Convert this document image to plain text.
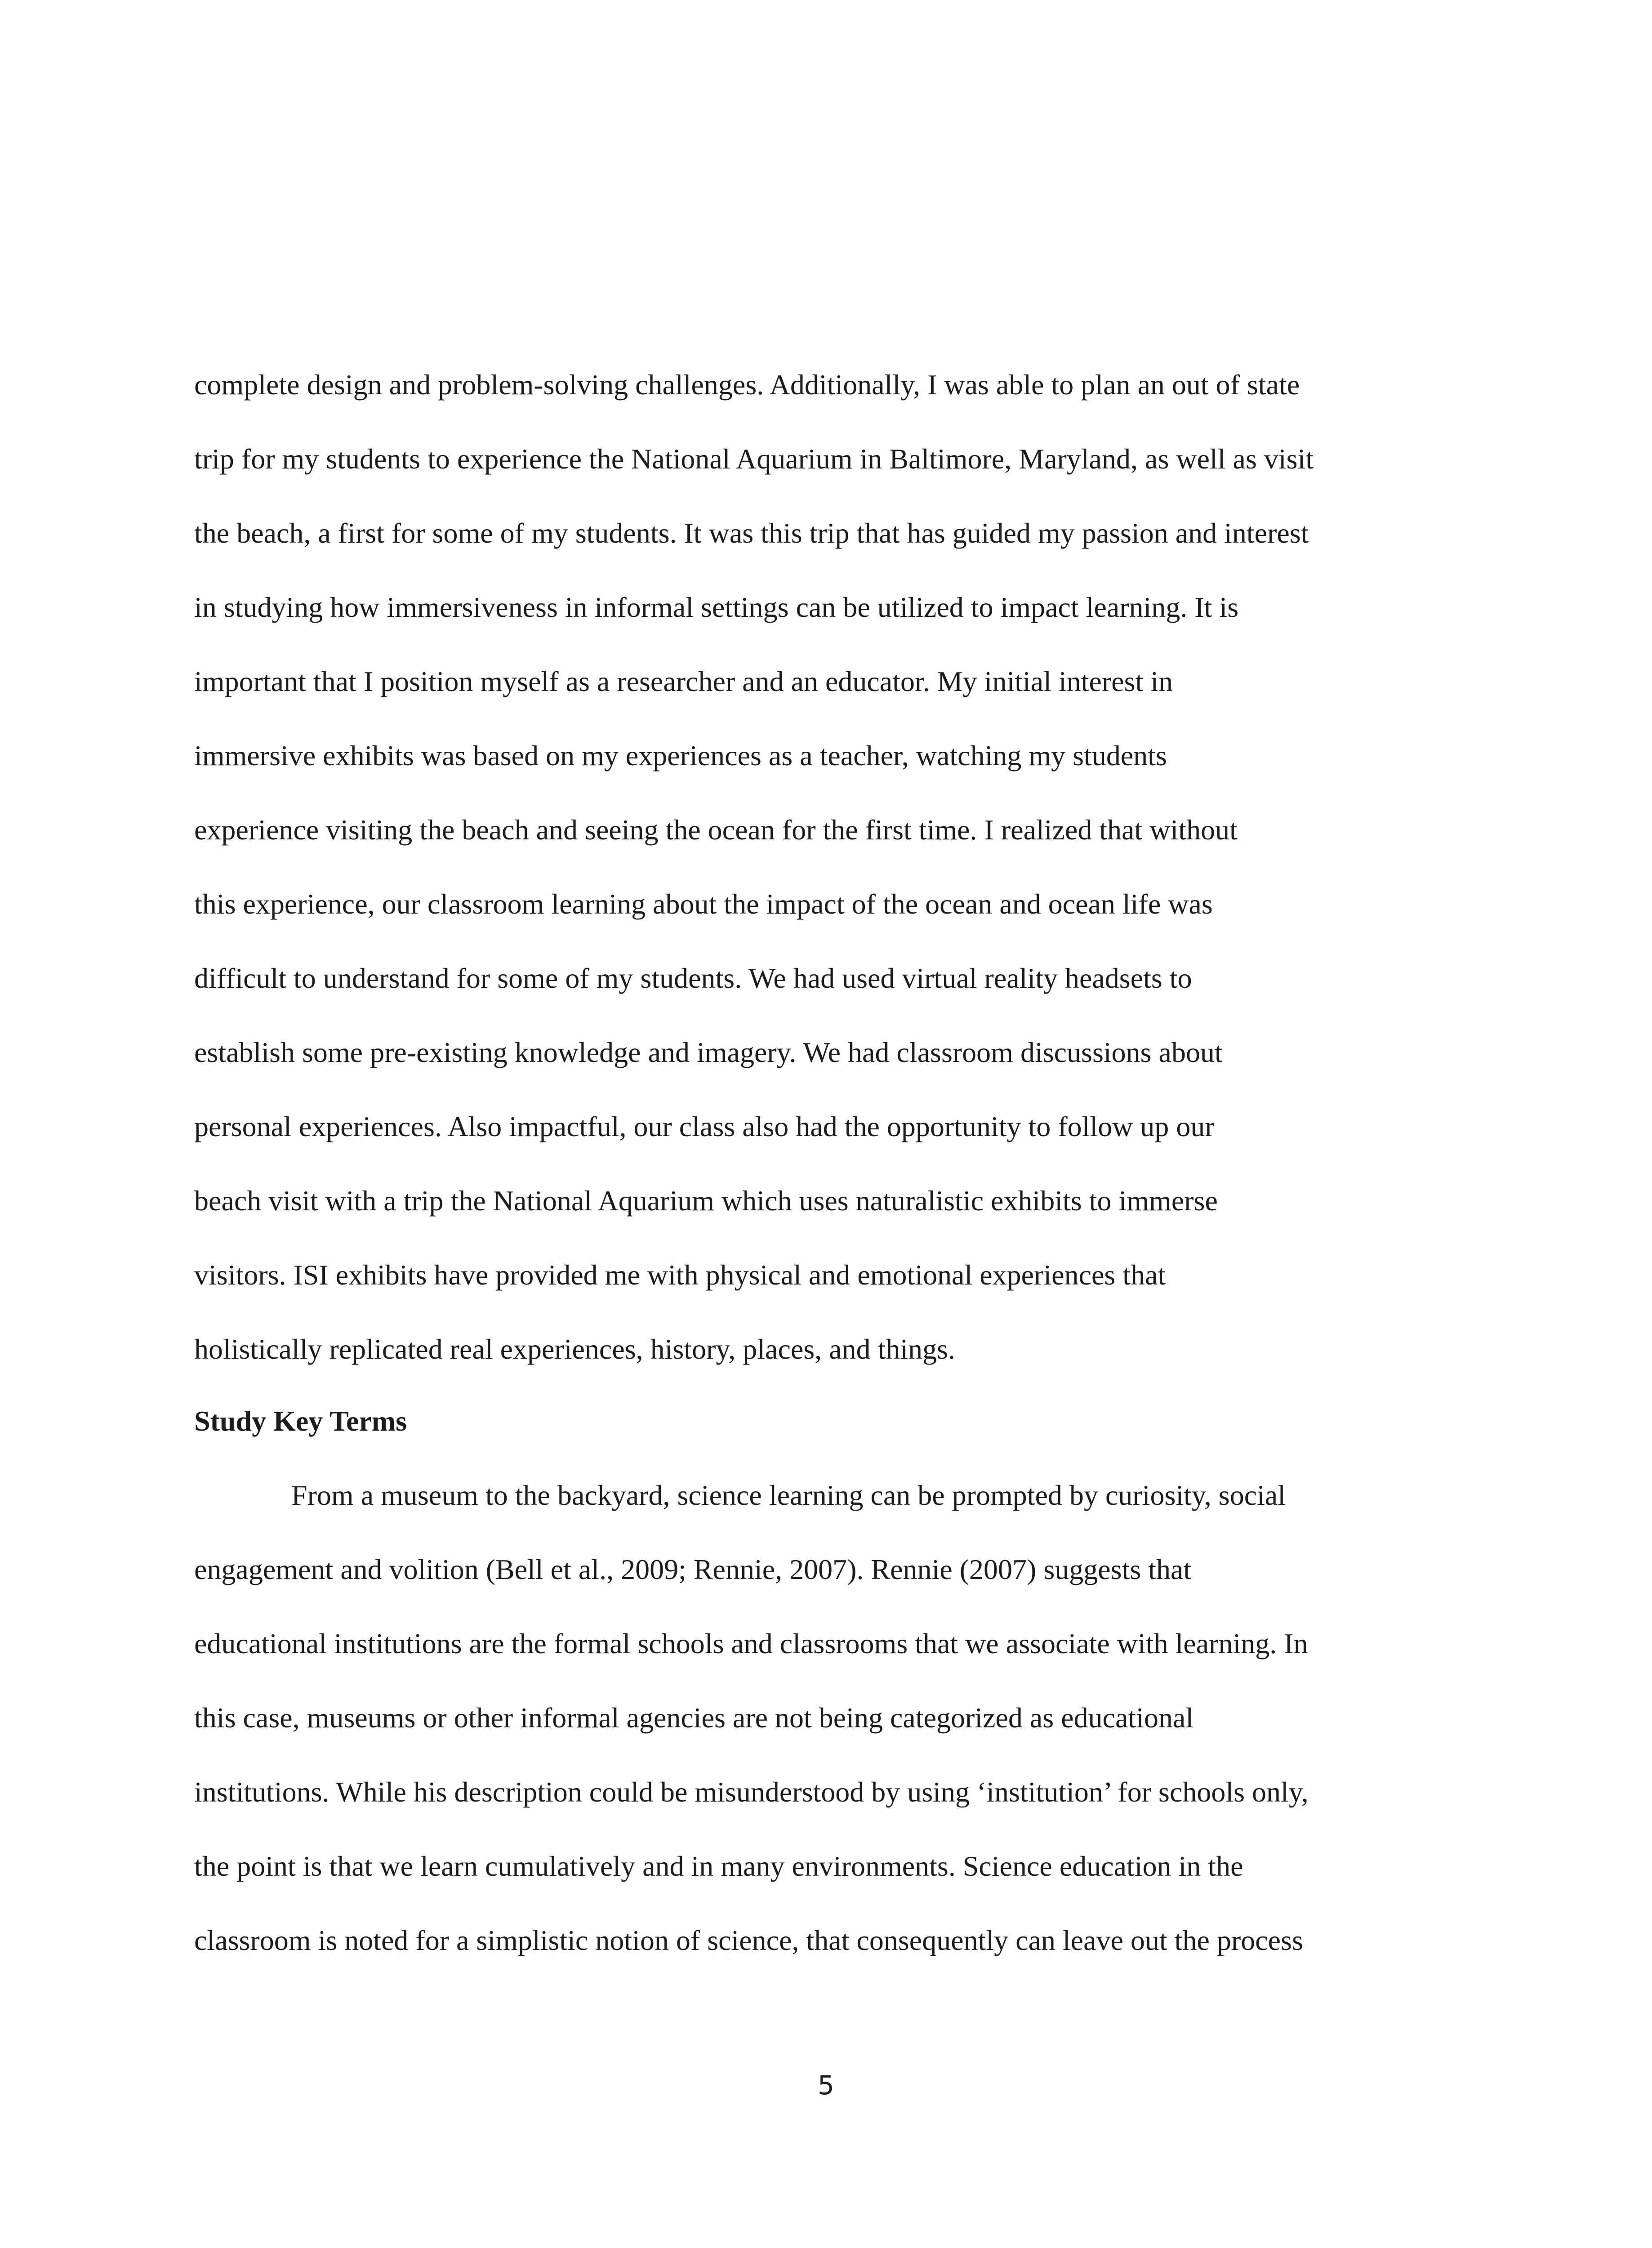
complete design and problem-solving challenges. Additionally, I was able to plan an out of state
trip for my students to experience the National Aquarium in Baltimore, Maryland, as well as visit
the beach, a first for some of my students. It was this trip that has guided my passion and interest
in studying how immersiveness in informal settings can be utilized to impact learning. It is
important that I position myself as a researcher and an educator. My initial interest in
immersive exhibits was based on my experiences as a teacher, watching my students
experience visiting the beach and seeing the ocean for the first time. I realized that without
this experience, our classroom learning about the impact of the ocean and ocean life was
difficult to understand for some of my students. We had used virtual reality headsets to
establish some pre-existing knowledge and imagery. We had classroom discussions about
personal experiences. Also impactful, our class also had the opportunity to follow up our
beach visit with a trip the National Aquarium which uses naturalistic exhibits to immerse
visitors. ISI exhibits have provided me with physical and emotional experiences that
holistically replicated real experiences, history, places, and things.
Study Key Terms
From a museum to the backyard, science learning can be prompted by curiosity, social
engagement and volition (Bell et al., 2009; Rennie, 2007). Rennie (2007) suggests that
educational institutions are the formal schools and classrooms that we associate with learning. In
this case, museums or other informal agencies are not being categorized as educational
institutions. While his description could be misunderstood by using ‘institution’ for schools only,
the point is that we learn cumulatively and in many environments. Science education in the
classroom is noted for a simplistic notion of science, that consequently can leave out the process
5
